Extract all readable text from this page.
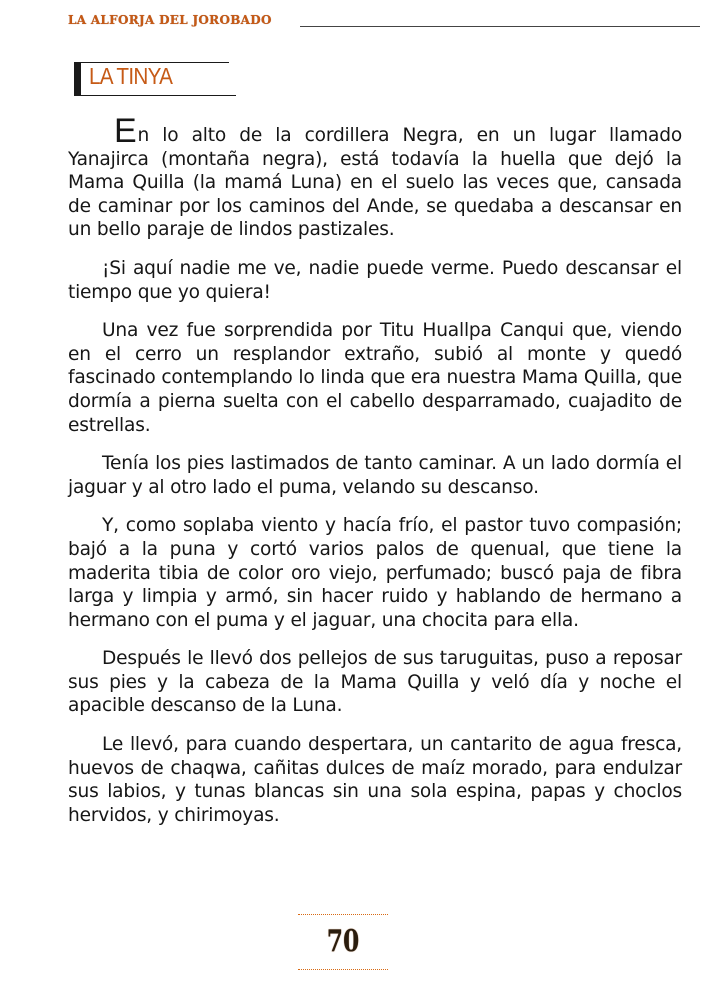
LA ALFORJA DEL JOROBADO
LA TINYA

En lo alto de la cordillera Negra, en un lugar llamado Yanajirca (montaña negra), está todavía la huella que dejó la Mama Quilla (la mamá Luna) en el suelo las veces que, cansada de caminar por los caminos del Ande, se quedaba a descansar en un bello paraje de lindos pastizales.

¡Si aquí nadie me ve, nadie puede verme. Puedo descansar el tiempo que yo quiera!

Una vez fue sorprendida por Titu Huallpa Canqui que, viendo en el cerro un resplandor extraño, subió al monte y quedó fascinado contemplando lo linda que era nuestra Mama Quilla, que dormía a pierna suelta con el cabello desparramado, cuajadito de estrellas.

Tenía los pies lastimados de tanto caminar. A un lado dormía el jaguar y al otro lado el puma, velando su descanso.

Y, como soplaba viento y hacía frío, el pastor tuvo compasión; bajó a la puna y cortó varios palos de quenual, que tiene la maderita tibia de color oro viejo, perfumado; buscó paja de fibra larga y limpia y armó, sin hacer ruido y hablando de hermano a hermano con el puma y el jaguar, una chocita para ella.

Después le llevó dos pellejos de sus taruguitas, puso a reposar sus pies y la cabeza de la Mama Quilla y veló día y noche el apacible descanso de la Luna.

Le llevó, para cuando despertara, un cantarito de agua fresca, huevos de chaqwa, cañitas dulces de maíz morado, para endulzar sus labios, y tunas blancas sin una sola espina, papas y choclos hervidos, y chirimoyas.

70
